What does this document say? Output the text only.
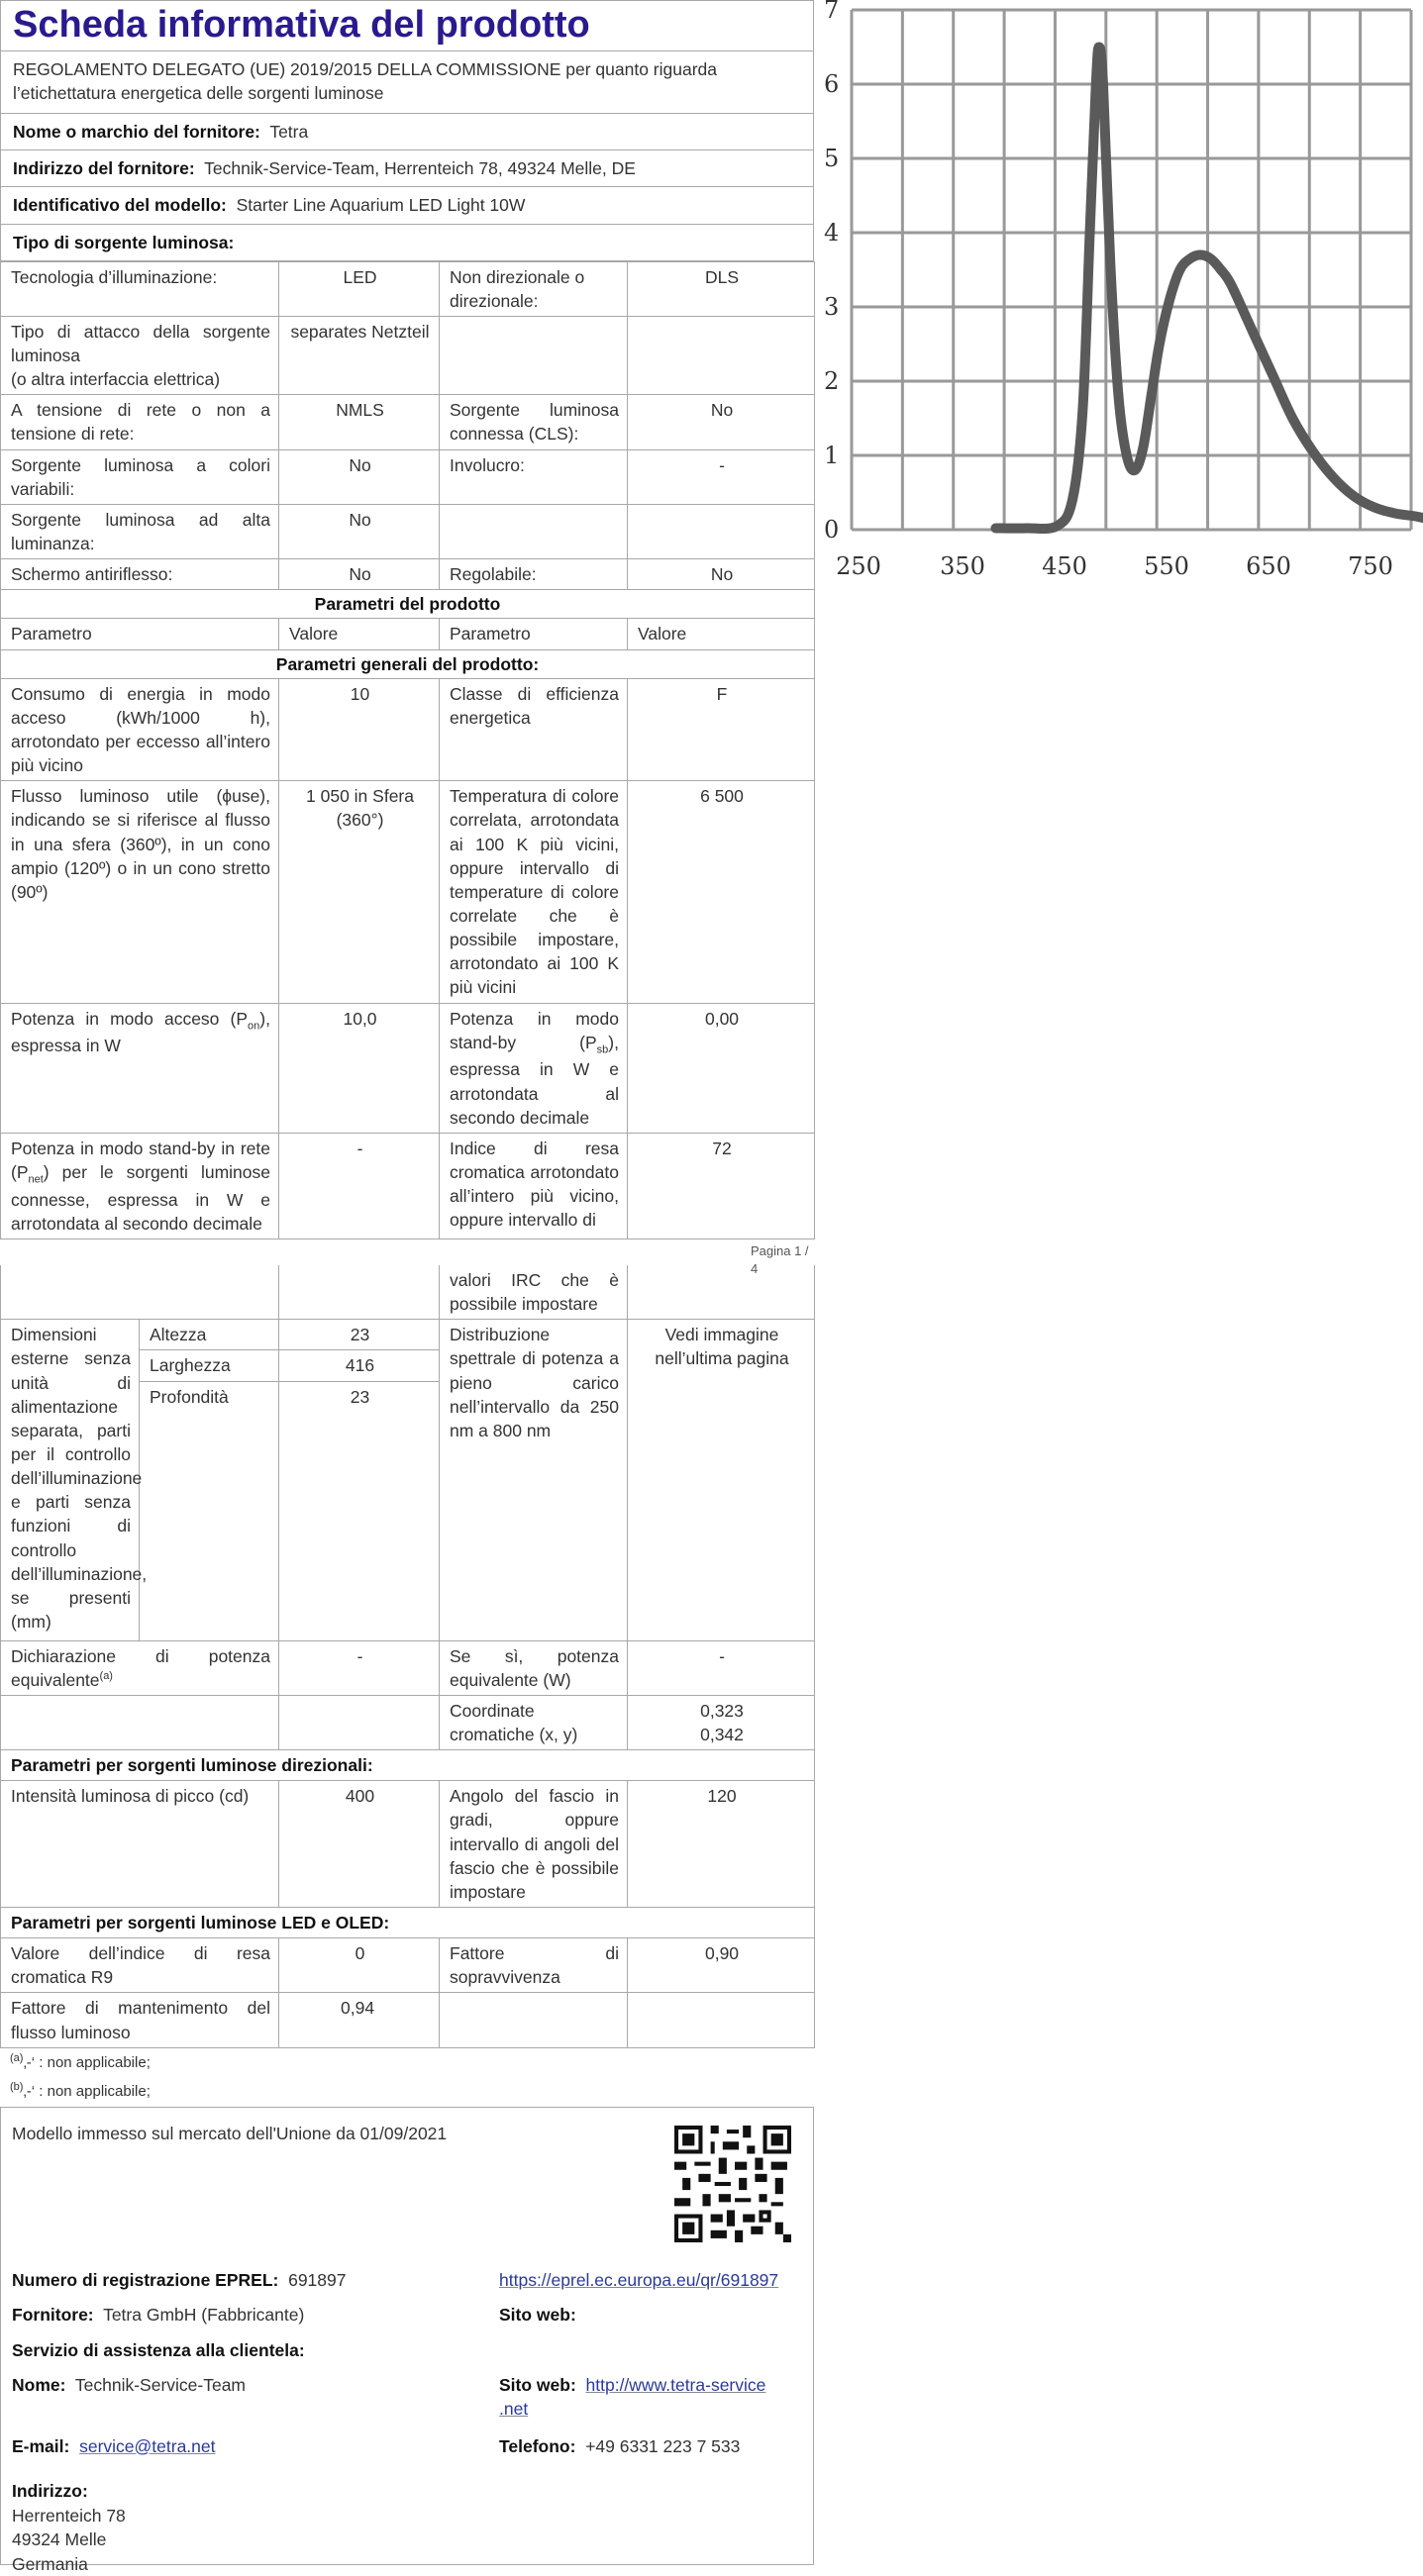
Scheda informativa del prodotto
REGOLAMENTO DELEGATO (UE) 2019/2015 DELLA COMMISSIONE per quanto riguarda l’etichettatura energetica delle sorgenti luminose
Nome o marchio del fornitore: Tetra
Indirizzo del fornitore: Technik-Service-Team, Herrenteich 78, 49324 Melle, DE
Identificativo del modello: Starter Line Aquarium LED Light 10W
Tipo di sorgente luminosa:
Tecnologia d’illuminazione:	LED	Non direzionale o direzionale:	DLS

Tipo di attacco della sorgente luminosa
(o altra interfaccia elettrica)	separates Netzteil		
A tensione di rete o non a tensione di rete:	NMLS	Sorgente luminosa connessa (CLS):	No
Sorgente luminosa a colori variabili:	No	Involucro:	-
Sorgente luminosa ad alta luminanza:	No		
Schermo antiriflesso:	No	Regolabile:	No
Parametri del prodotto			
Parametro	Valore	Parametro	Valore
Parametri generali del prodotto:			
Consumo di energia in modo acceso (kWh/1000 h), arrotondato per eccesso all’intero più vicino	10	Classe di efficienza energetica	F
Flusso luminoso utile (ϕuse), indicando se si riferisce al flusso in una sfera (360º), in un cono ampio (120º) o in un cono stretto (90º)	1 050 in Sfera (360°)	Temperatura di colore correlata, arrotondata ai 100 K più vicini, oppure intervallo di temperature di colore correlate che è possibile impostare, arrotondato ai 100 K più vicini	6 500
Potenza in modo acceso $(P_{on})$, espressa in W	10,0	Potenza in modo stand-by $(P_{sb})$, espressa in W e arrotondata al secondo decimale	0,00
Potenza in modo stand-by in rete $(P_{net})$ per le sorgenti luminose connesse, espressa in W e arrotondata al secondo decimale	-	Indice di resa cromatica arrotondato all’intero più vicino, oppure intervallo di	72
Pagina 1 / 4
			valori IRC che è possibile impostare	
Dimensioni esterne senza unità di alimentazione separata, parti per il controllo dell’illuminazione e parti senza funzioni di controllo dell’illuminazione, se presenti (mm)	Altezza	23	Distribuzione spettrale di potenza a pieno carico nell’intervallo da 250 nm a 800 nm	Vedi immagine nell’ultima pagina
	Larghezza	416		
	Profondità	23		
Dichiarazione di potenza equivalente$^{(a)}$		-	Se sì, potenza equivalente (W)	-
			Coordinate cromatiche (x, y)	0,323
0,342

Parametri per sorgenti luminose direzionali:				
Intensità luminosa di picco (cd)		400	Angolo del fascio in gradi, oppure intervallo di angoli del fascio che è possibile impostare	120
Parametri per sorgenti luminose LED e OLED:				
Valore dell’indice di resa cromatica R9		0	Fattore di sopravvivenza	0,90
Fattore di mantenimento del flusso luminoso		0,94		
$^{(a)}$‚-‘ : non applicabile;
$^{(b)}$‚-‘ : non applicabile;
Modello immesso sul mercato dell'Unione da 01/09/2021
Numero di registrazione EPREL: 691897	https://eprel.ec.europa.eu/qr/691897
Fornitore: Tetra GmbH (Fabbricante)	Sito web:
Servizio di assistenza alla clientela:
Nome: Technik-Service-Team	Sito web: http://www.tetra-service
.net
E-mail: service@tetra.net	Telefono: +49 6331 223 7 533
Indirizzo:
Herrenteich 78
49324 Melle
Germania
0
1
2
3
4
5
6
7
250 350 450 550 650 750
